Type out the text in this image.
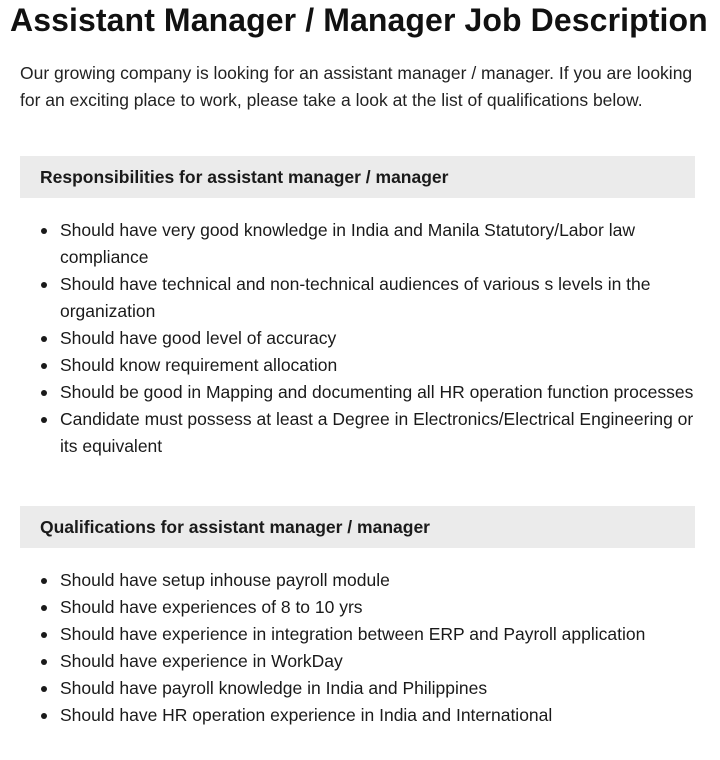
Assistant Manager / Manager Job Description

Our growing company is looking for an assistant manager / manager. If you are looking for an exciting place to work, please take a look at the list of qualifications below.

Responsibilities for assistant manager / manager
Should have very good knowledge in India and Manila Statutory/Labor law compliance
Should have technical and non-technical audiences of various s levels in the organization
Should have good level of accuracy
Should know requirement allocation
Should be good in Mapping and documenting all HR operation function processes
Candidate must possess at least a Degree in Electronics/Electrical Engineering or its equivalent
Qualifications for assistant manager / manager
Should have setup inhouse payroll module
Should have experiences of 8 to 10 yrs
Should have experience in integration between ERP and Payroll application
Should have experience in WorkDay
Should have payroll knowledge in India and Philippines
Should have HR operation experience in India and International
